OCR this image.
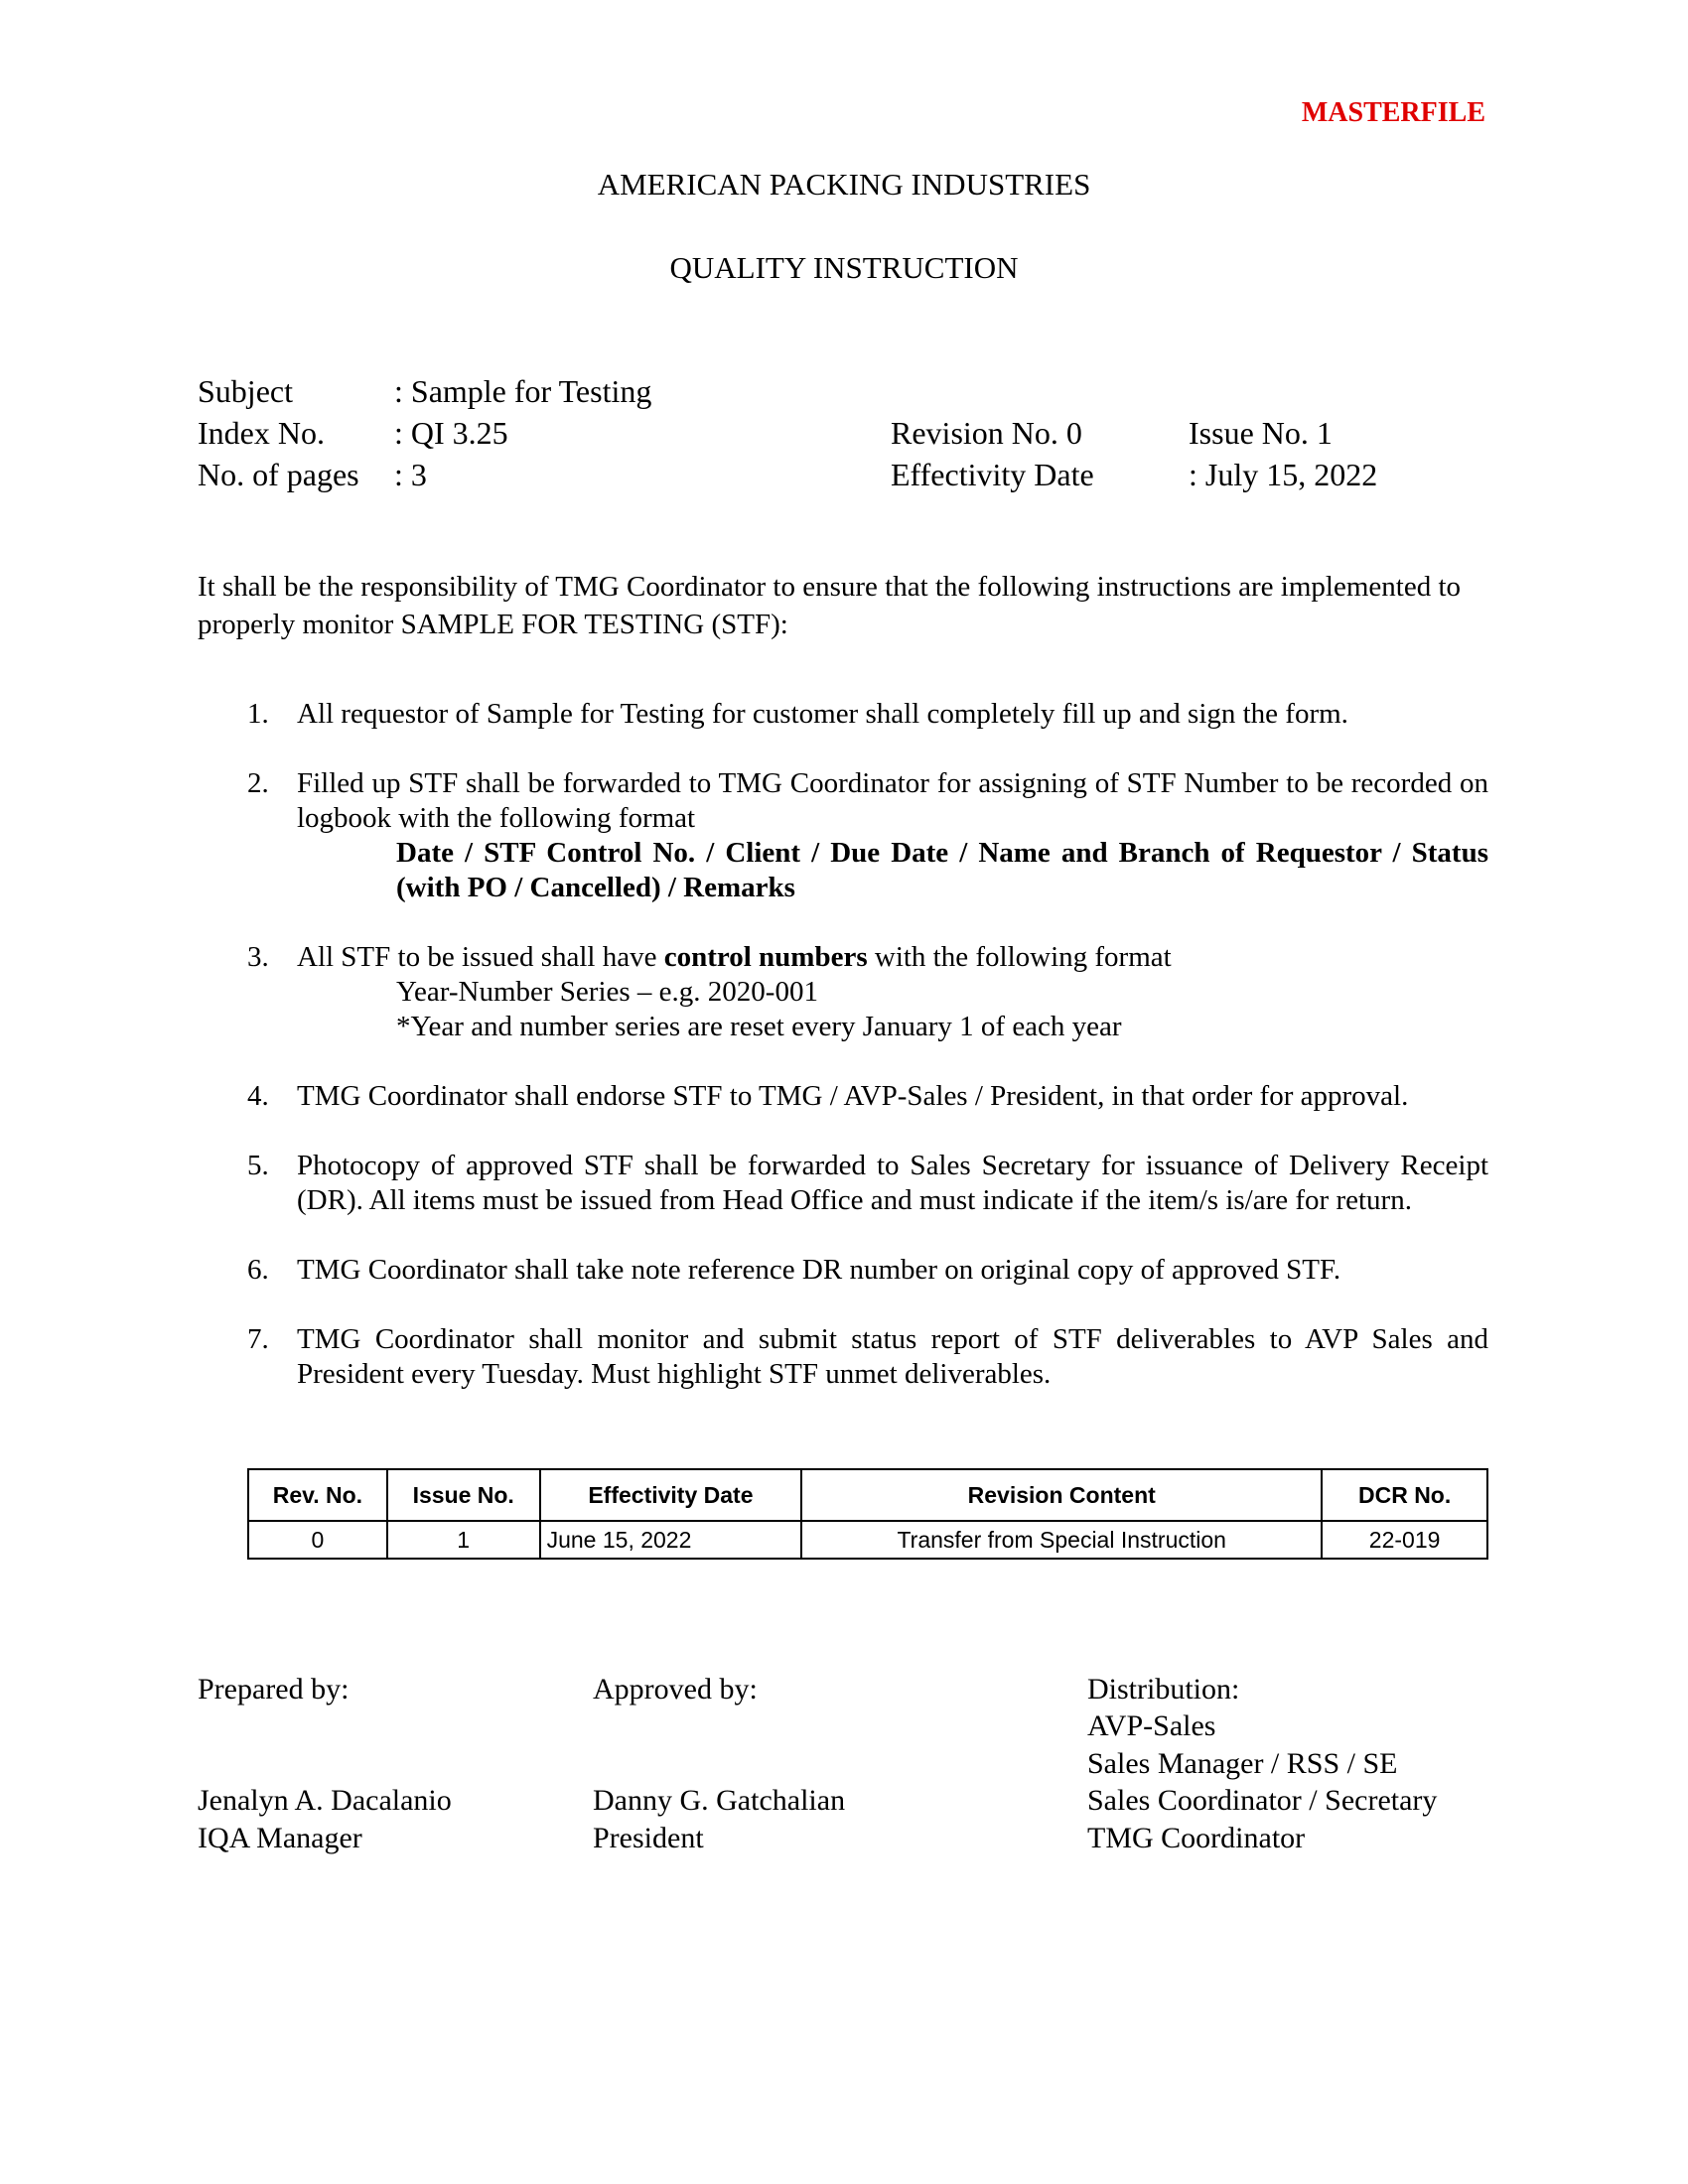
MASTERFILE
AMERICAN PACKING INDUSTRIES
QUALITY INSTRUCTION
Subject	: Sample for Testing
Index No. : QI 3.25	Revision No. 0	Issue No. 1
No. of pages : 3	Effectivity Date	: July 15, 2022
It shall be the responsibility of TMG Coordinator to ensure that the following instructions are implemented to properly monitor SAMPLE FOR TESTING (STF):
1. All requestor of Sample for Testing for customer shall completely fill up and sign the form.
2. Filled up STF shall be forwarded to TMG Coordinator for assigning of STF Number to be recorded on logbook with the following format
Date / STF Control No. / Client / Due Date / Name and Branch of Requestor / Status (with PO / Cancelled) / Remarks
3. All STF to be issued shall have control numbers with the following format
Year-Number Series – e.g. 2020-001
*Year and number series are reset every January 1 of each year
4. TMG Coordinator shall endorse STF to TMG / AVP-Sales / President, in that order for approval.
5. Photocopy of approved STF shall be forwarded to Sales Secretary for issuance of Delivery Receipt (DR). All items must be issued from Head Office and must indicate if the item/s is/are for return.
6. TMG Coordinator shall take note reference DR number on original copy of approved STF.
7. TMG Coordinator shall monitor and submit status report of STF deliverables to AVP Sales and President every Tuesday. Must highlight STF unmet deliverables.
Rev. No.	Issue No.	Effectivity Date	Revision Content	DCR No.
0	1	June 15, 2022	Transfer from Special Instruction	22-019
Prepared by:
Jenalyn A. Dacalanio
IQA Manager
Approved by:
Danny G. Gatchalian
President
Distribution:
AVP-Sales
Sales Manager / RSS / SE
Sales Coordinator / Secretary
TMG Coordinator
